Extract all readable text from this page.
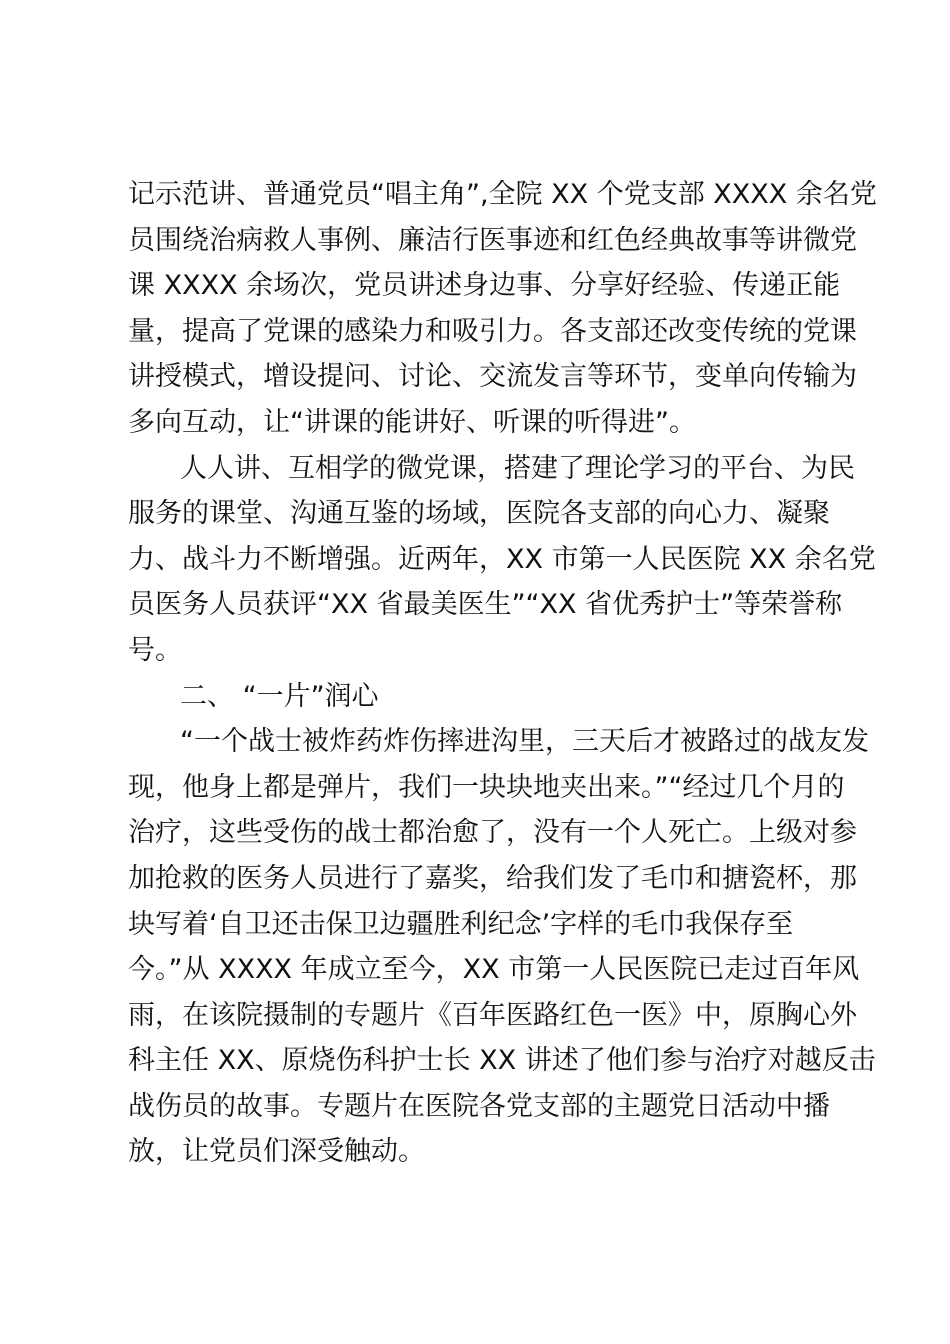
记示范讲、普通党员“唱主角”,全院 XX 个党支部 XXXX 余名党
员围绕治病救人事例、廉洁行医事迹和红色经典故事等讲微党
课 XXXX 余场次，党员讲述身边事、分享好经验、传递正能
量，提高了党课的感染力和吸引力。各支部还改变传统的党课
讲授模式，增设提问、讨论、交流发言等环节，变单向传输为
多向互动，让“讲课的能讲好、听课的听得进”。

人人讲、互相学的微党课，搭建了理论学习的平台、为民
服务的课堂、沟通互鉴的场域，医院各支部的向心力、凝聚
力、战斗力不断增强。近两年，XX 市第一人民医院 XX 余名党
员医务人员获评“XX 省最美医生”“XX 省优秀护士”等荣誉称
号。

二、 “一片”润心

“一个战士被炸药炸伤摔进沟里，三天后才被路过的战友发
现，他身上都是弹片，我们一块块地夹出来。”“经过几个月的
治疗，这些受伤的战士都治愈了，没有一个人死亡。上级对参
加抢救的医务人员进行了嘉奖，给我们发了毛巾和搪瓷杯，那
块写着‘自卫还击保卫边疆胜利纪念’字样的毛巾我保存至
今。”从 XXXX 年成立至今，XX 市第一人民医院已走过百年风
雨，在该院摄制的专题片《百年医路红色一医》中，原胸心外
科主任 XX、原烧伤科护士长 XX 讲述了他们参与治疗对越反击
战伤员的故事。专题片在医院各党支部的主题党日活动中播
放，让党员们深受触动。
